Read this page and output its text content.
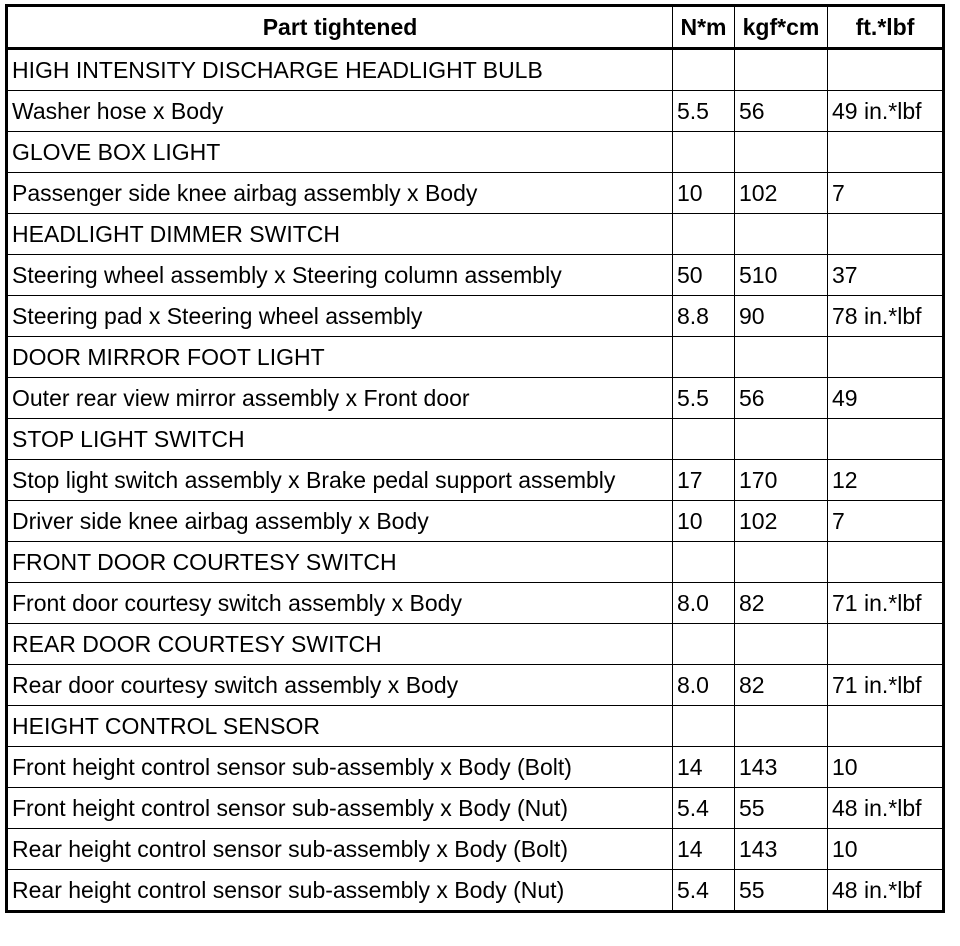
Part tightened	N*m	kgf*cm	ft.*lbf
HIGH INTENSITY DISCHARGE HEADLIGHT BULB			
Washer hose x Body	5.5	56	49 in.*lbf
GLOVE BOX LIGHT			
Passenger side knee airbag assembly x Body	10	102	7
HEADLIGHT DIMMER SWITCH			
Steering wheel assembly x Steering column assembly	50	510	37
Steering pad x Steering wheel assembly	8.8	90	78 in.*lbf
DOOR MIRROR FOOT LIGHT			
Outer rear view mirror assembly x Front door	5.5	56	49
STOP LIGHT SWITCH			
Stop light switch assembly x Brake pedal support assembly	17	170	12
Driver side knee airbag assembly x Body	10	102	7
FRONT DOOR COURTESY SWITCH			
Front door courtesy switch assembly x Body	8.0	82	71 in.*lbf
REAR DOOR COURTESY SWITCH			
Rear door courtesy switch assembly x Body	8.0	82	71 in.*lbf
HEIGHT CONTROL SENSOR			
Front height control sensor sub-assembly x Body (Bolt)	14	143	10
Front height control sensor sub-assembly x Body (Nut)	5.4	55	48 in.*lbf
Rear height control sensor sub-assembly x Body (Bolt)	14	143	10
Rear height control sensor sub-assembly x Body (Nut)	5.4	55	48 in.*lbf
